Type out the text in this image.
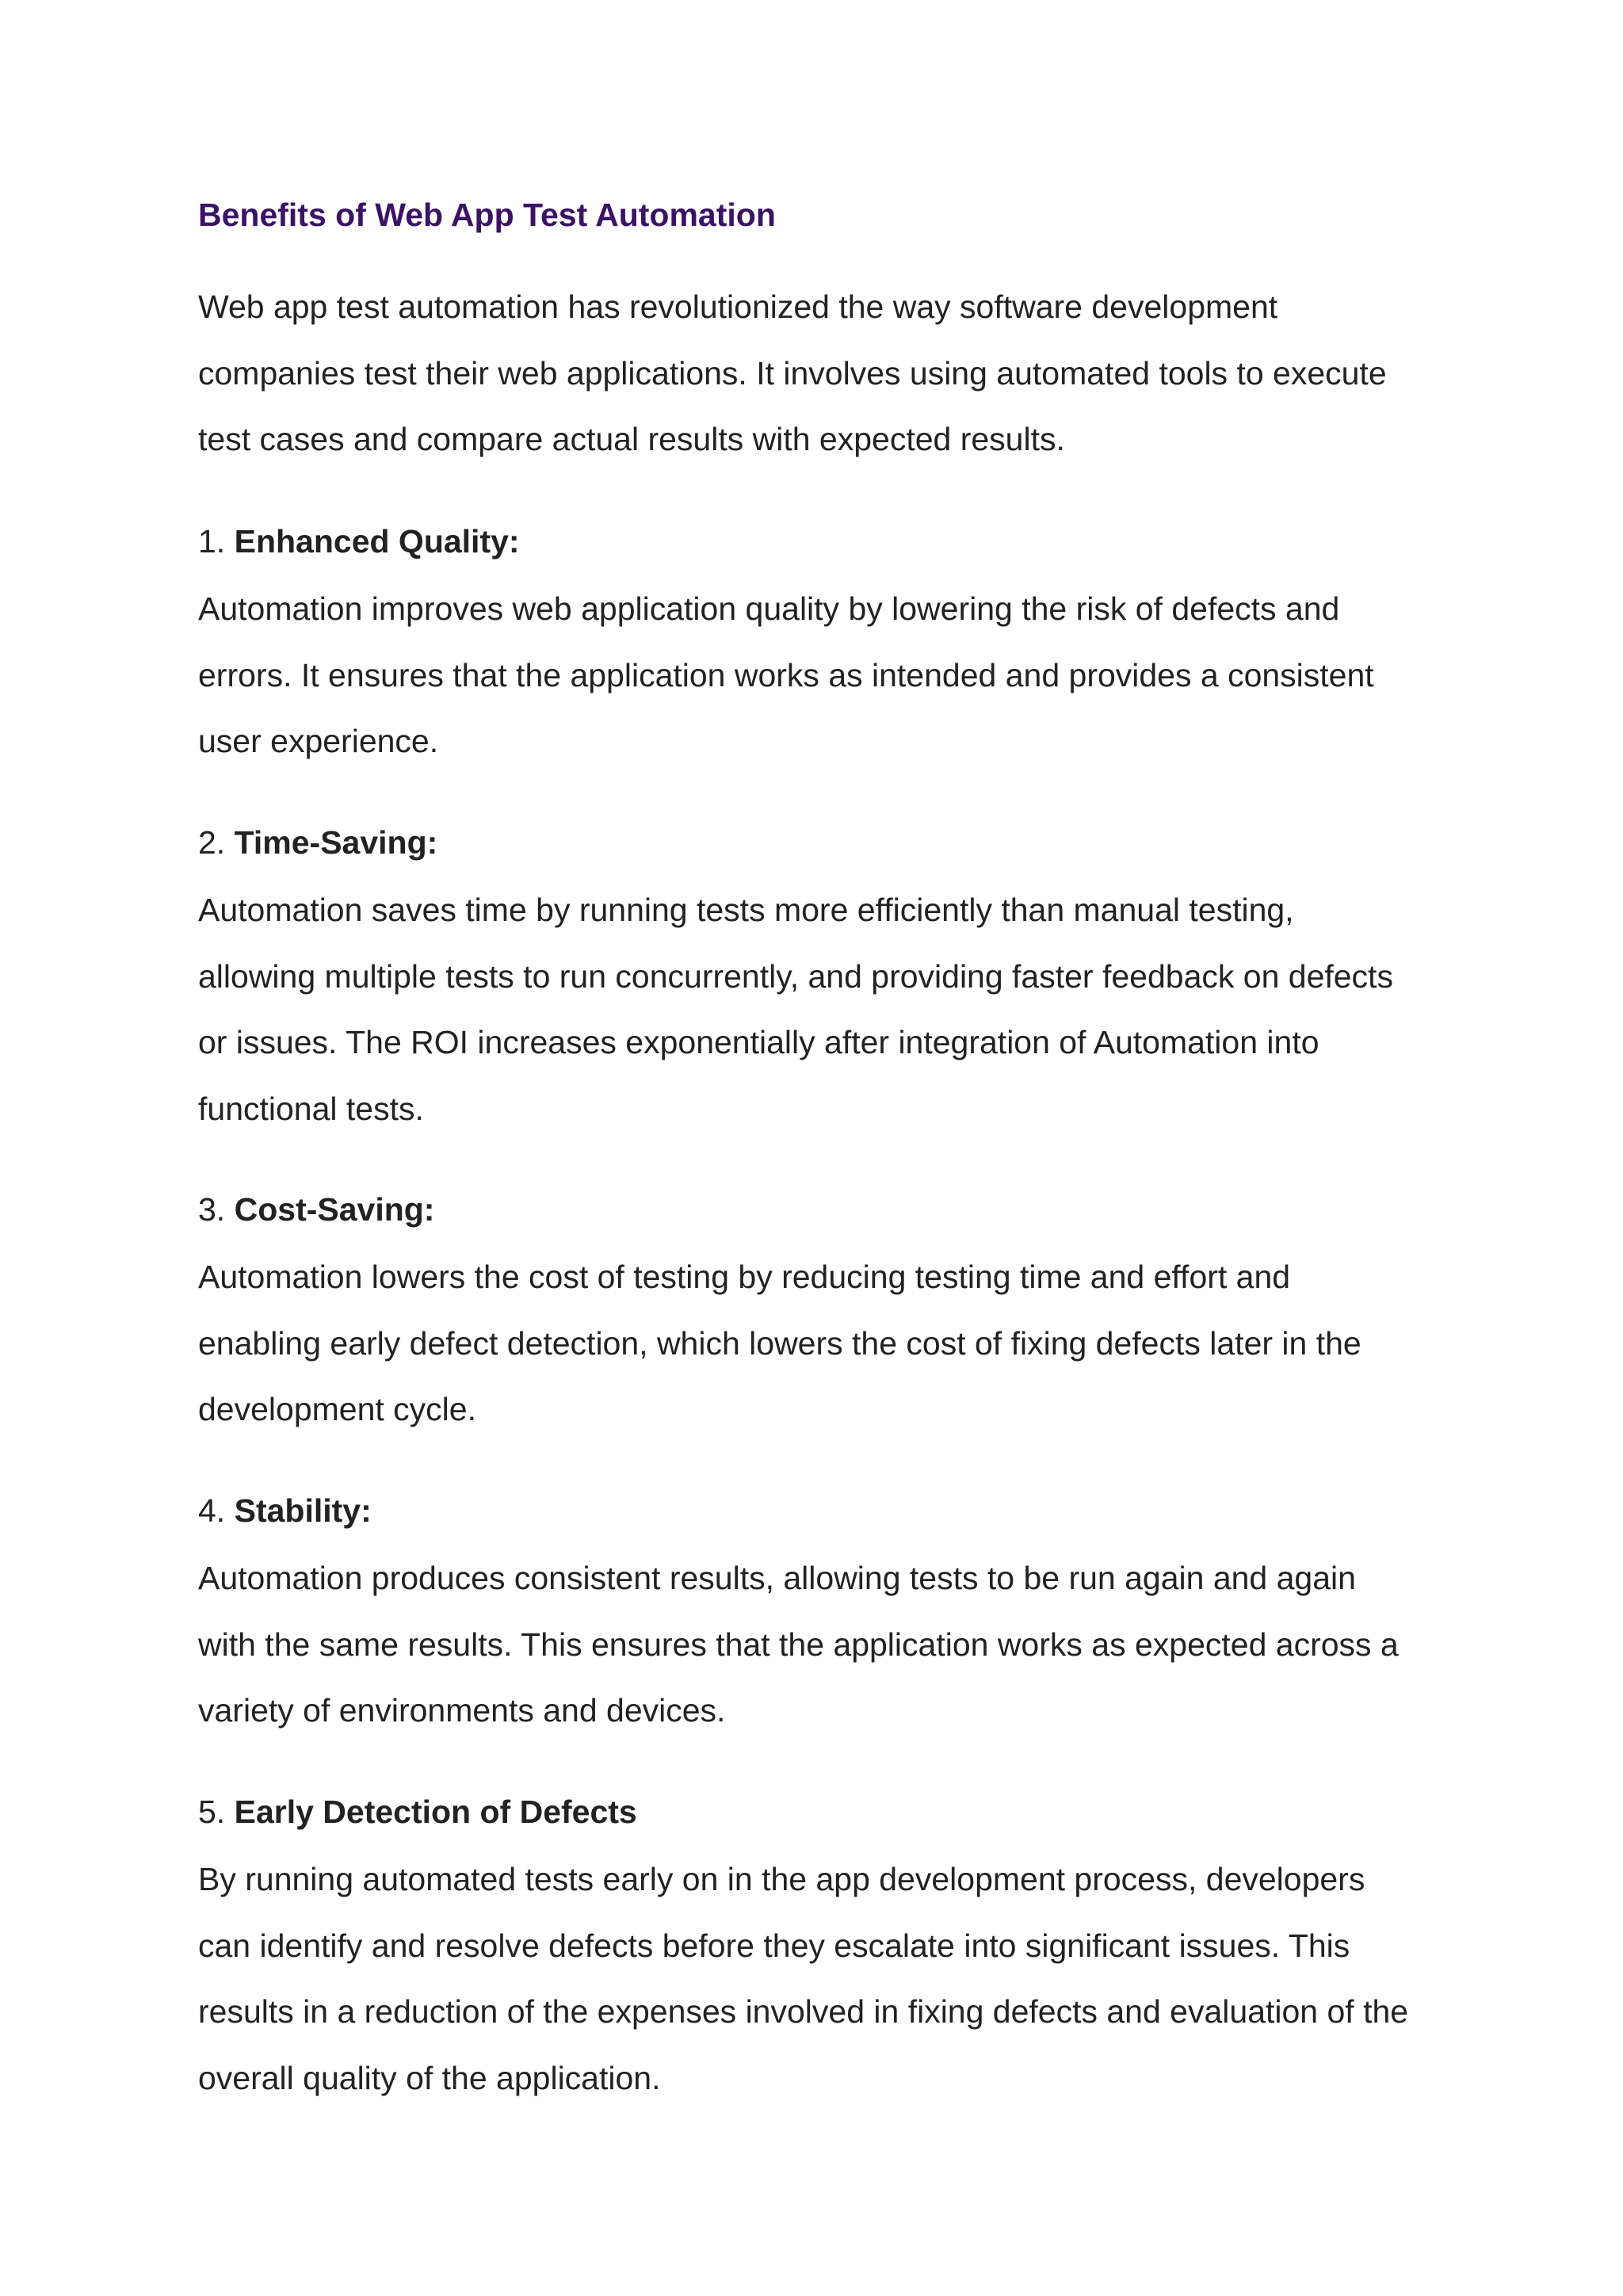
Benefits of Web App Test Automation

Web app test automation has revolutionized the way software development
companies test their web applications. It involves using automated tools to execute
test cases and compare actual results with expected results.

1. Enhanced Quality:

Automation improves web application quality by lowering the risk of defects and
errors. It ensures that the application works as intended and provides a consistent
user experience.

2. Time-Saving:

Automation saves time by running tests more efficiently than manual testing,
allowing multiple tests to run concurrently, and providing faster feedback on defects
or issues. The ROI increases exponentially after integration of Automation into
functional tests.

3. Cost-Saving:

Automation lowers the cost of testing by reducing testing time and effort and
enabling early defect detection, which lowers the cost of fixing defects later in the
development cycle.

4. Stability:

Automation produces consistent results, allowing tests to be run again and again
with the same results. This ensures that the application works as expected across a
variety of environments and devices.

5. Early Detection of Defects

By running automated tests early on in the app development process, developers
can identify and resolve defects before they escalate into significant issues. This
results in a reduction of the expenses involved in fixing defects and evaluation of the
overall quality of the application.
